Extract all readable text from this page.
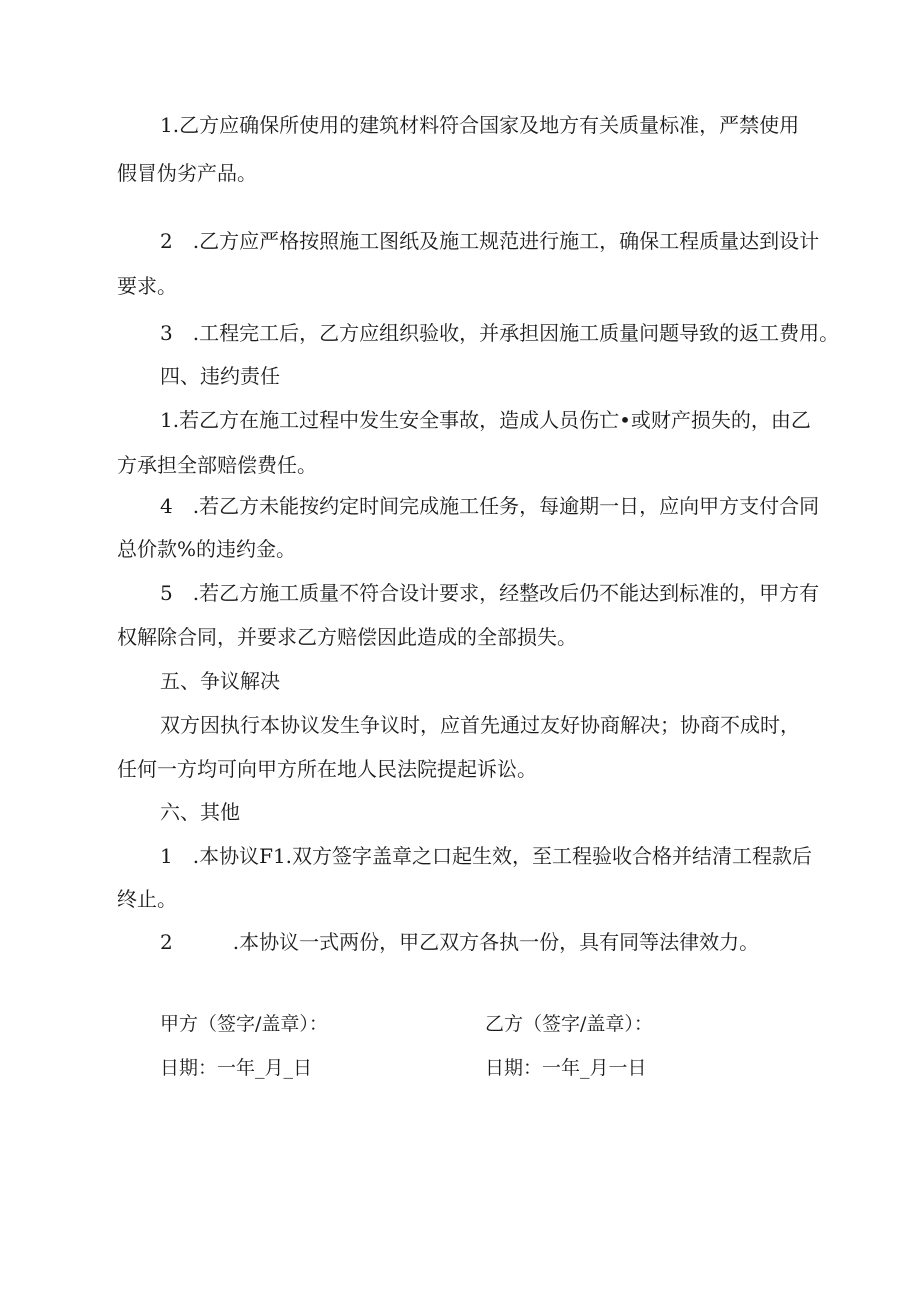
1.乙方应确保所使用的建筑材料符合国家及地方有关质量标准，严禁使用
假冒伪劣产品。
2 .乙方应严格按照施工图纸及施工规范进行施工，确保工程质量达到设计
要求。
3 .工程完工后，乙方应组织验收，并承担因施工质量问题导致的返工费用。
四、违约责任
1.若乙方在施工过程中发生安全事故，造成人员伤亡•或财产损失的，由乙
方承担全部赔偿费任。
4 .若乙方未能按约定时间完成施工任务，每逾期一日，应向甲方支付合同
总价款%的违约金。
5 .若乙方施工质量不符合设计要求，经整改后仍不能达到标准的，甲方有
权解除合同，并要求乙方赔偿因此造成的全部损失。
五、争议解决
双方因执行本协议发生争议时，应首先通过友好协商解决；协商不成时，
任何一方均可向甲方所在地人民法院提起诉讼。
六、其他
1 .本协议F1.双方签字盖章之口起生效，至工程验收合格并结清工程款后
终止。
2   .本协议一式两份，甲乙双方各执一份，具有同等法律效力。
甲方（签字/盖章）：	乙方（签字/盖章）：
日期：一年_月_日	日期：一年_月一日
